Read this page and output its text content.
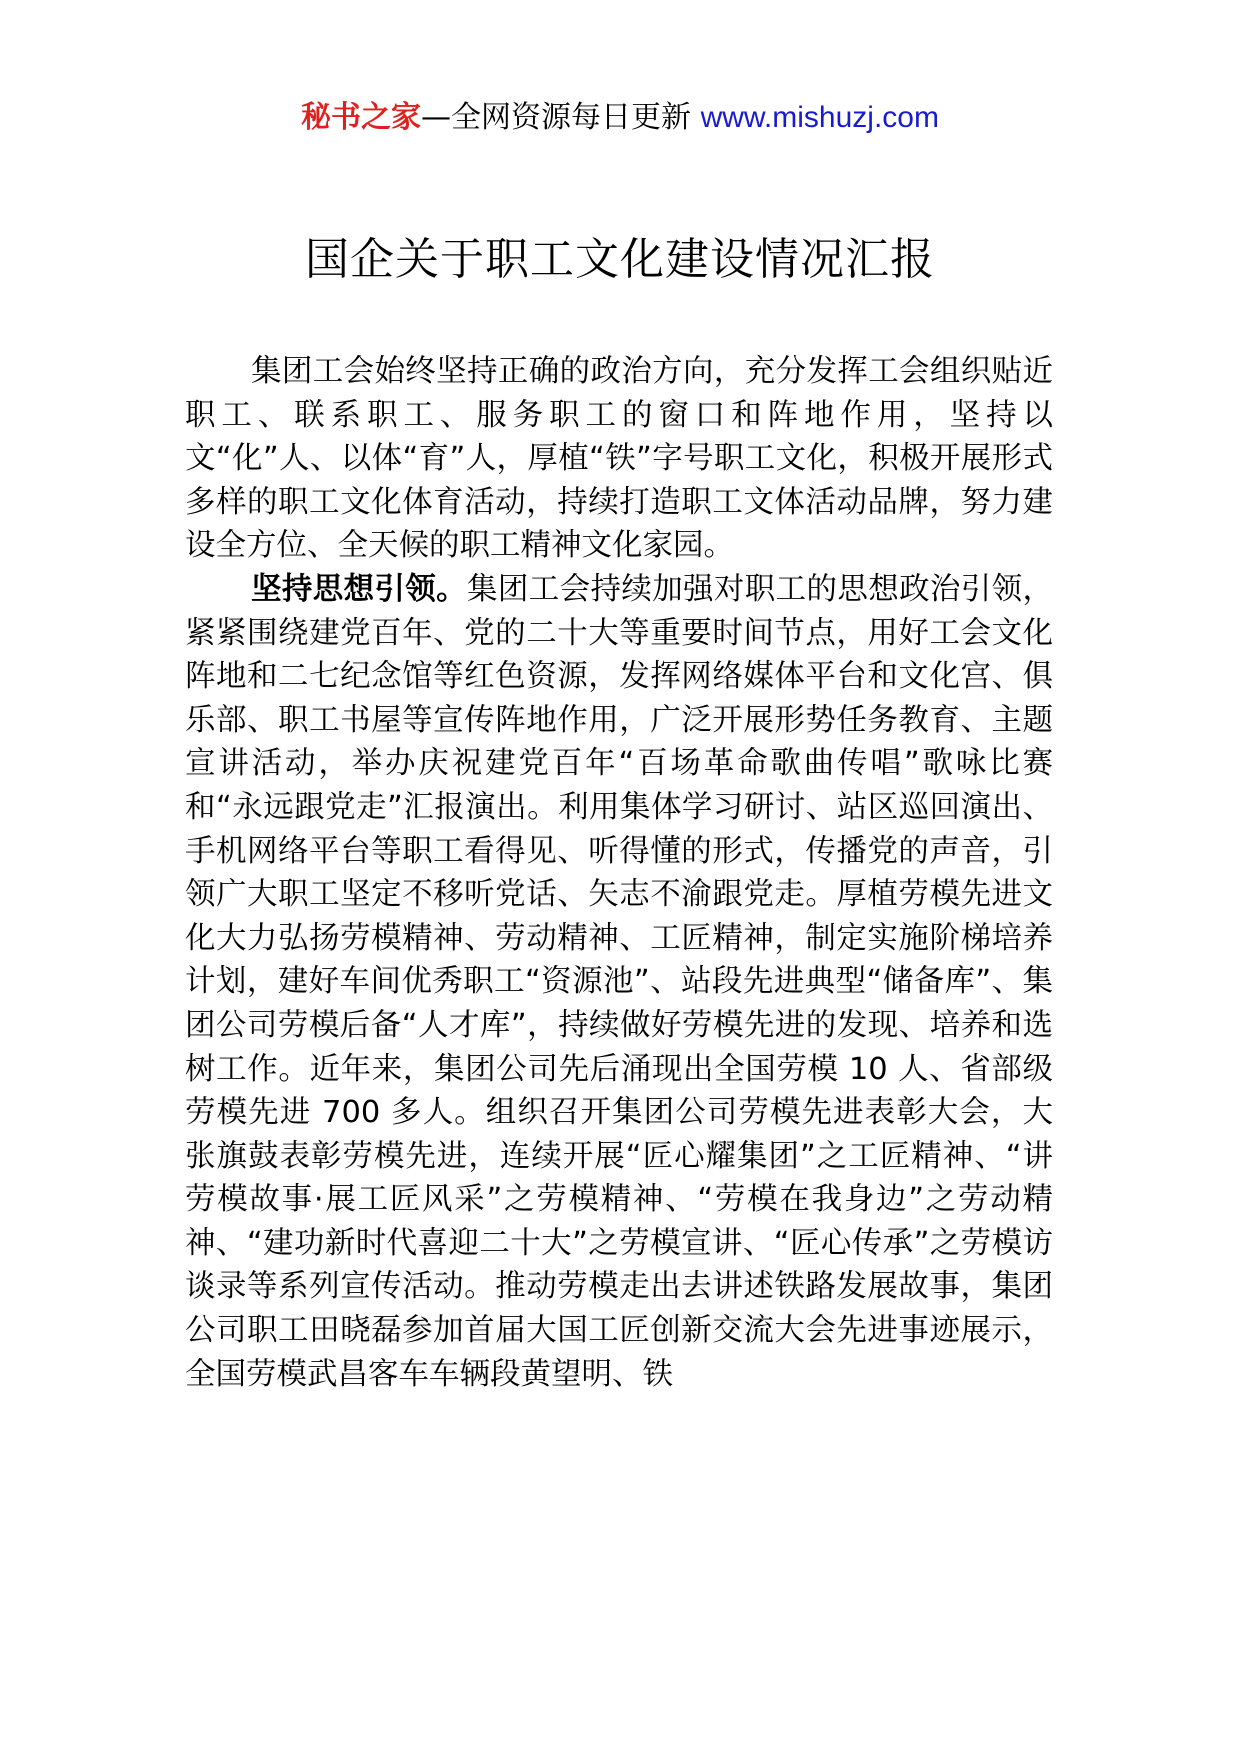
秘书之家—全网资源每日更新 www.mishuzj.com
国企关于职工文化建设情况汇报

集团工会始终坚持正确的政治方向，充分发挥工会组织贴近职工、联系职工、服务职工的窗口和阵地作用，坚持以文“化”人、以体“育”人，厚植“铁”字号职工文化，积极开展形式多样的职工文化体育活动，持续打造职工文体活动品牌，努力建设全方位、全天候的职工精神文化家园。

坚持思想引领。集团工会持续加强对职工的思想政治引领，紧紧围绕建党百年、党的二十大等重要时间节点，用好工会文化阵地和二七纪念馆等红色资源，发挥网络媒体平台和文化宫、俱乐部、职工书屋等宣传阵地作用，广泛开展形势任务教育、主题宣讲活动，举办庆祝建党百年“百场革命歌曲传唱”歌咏比赛和“永远跟党走”汇报演出。利用集体学习研讨、站区巡回演出、手机网络平台等职工看得见、听得懂的形式，传播党的声音，引领广大职工坚定不移听党话、矢志不渝跟党走。厚植劳模先进文化大力弘扬劳模精神、劳动精神、工匠精神，制定实施阶梯培养计划，建好车间优秀职工“资源池”、站段先进典型“储备库”、集团公司劳模后备“人才库”，持续做好劳模先进的发现、培养和选树工作。近年来，集团公司先后涌现出全国劳模 10 人、省部级劳模先进 700 多人。组织召开集团公司劳模先进表彰大会，大张旗鼓表彰劳模先进，连续开展“匠心耀集团”之工匠精神、“讲劳模故事·展工匠风采”之劳模精神、“劳模在我身边”之劳动精神、“建功新时代喜迎二十大”之劳模宣讲、“匠心传承”之劳模访谈录等系列宣传活动。推动劳模走出去讲述铁路发展故事，集团公司职工田晓磊参加首届大国工匠创新交流大会先进事迹展示，全国劳模武昌客车车辆段黄望明、铁
